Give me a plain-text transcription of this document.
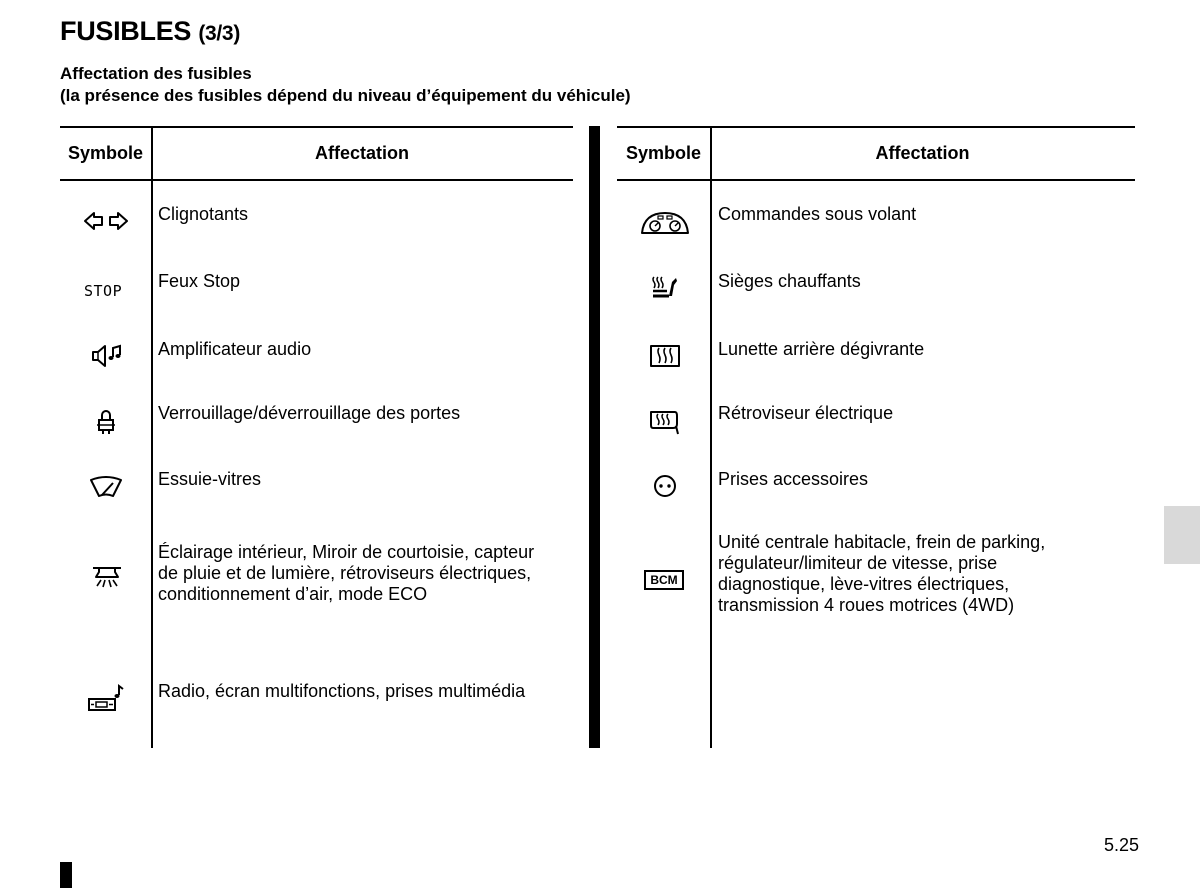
FUSIBLES (3/3)
Affectation des fusibles
(la présence des fusibles dépend du niveau d’équipement du véhicule)
Symbole	Affectation
Clignotants
STOP Feux Stop
Amplificateur audio
Verrouillage/déverrouillage des portes
Essuie-vitres
Éclairage intérieur, Miroir de courtoisie, capteur
de pluie et de lumière, rétroviseurs électriques,
conditionnement d’air, mode ECO
Radio, écran multifonctions, prises multimédia
Symbole	Affectation
Commandes sous volant
Sièges chauffants
Lunette arrière dégivrante
Rétroviseur électrique
Prises accessoires
BCM
Unité centrale habitacle, frein de parking,
régulateur/limiteur de vitesse, prise
diagnostique, lève-vitres électriques,
transmission 4 roues motrices (4WD)
5.25
